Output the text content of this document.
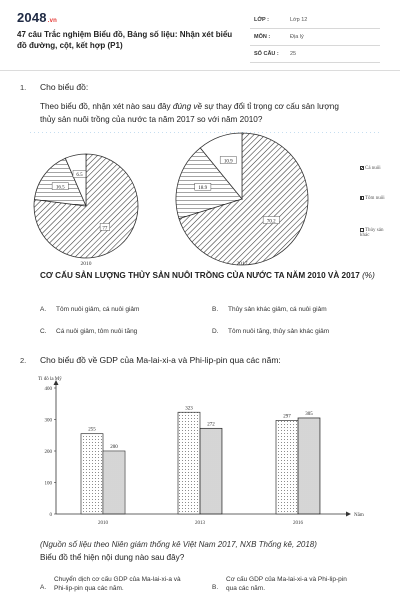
2048.vn
47 câu Trắc nghiệm Biểu đồ, Bảng số liệu: Nhận xét biểu đồ đường, cột, kết hợp (P1)
LỚP :	Lớp 12
MÔN :	Địa lý
SỐ CÂU : 25
1. Cho biểu đồ:
Theo biểu đồ, nhận xét nào sau đây đúng về sự thay đổi tỉ trọng cơ cấu sản lượng
thủy sản nuôi trồng của nước ta năm 2017 so với năm 2010?
77
16.5
6.5
2010
70.2
18.9
10.9
2017
Cá nuôi
Tôm nuôi
Thủy sản khác
CƠ CẤU SẢN LƯỢNG THỦY SẢN NUÔI TRỒNG CỦA NƯỚC TA NĂM 2010 VÀ 2017 (%)
A. Tôm nuôi giảm, cá nuôi giảm	B. Thủy sản khác giảm, cá nuôi giảm
C. Cá nuôi giảm, tôm nuôi tăng	D. Tôm nuôi tăng, thủy sản khác giảm
2. Cho biểu đồ về GDP của Ma-lai-xi-a và Phi-lip-pin qua các năm:
Tỉ đô la Mỹ
Năm
0
100
200
300
400
255
200
2010
323
272
2013
297
305
2016
(Nguồn số liệu theo Niên giám thống kê Việt Nam 2017, NXB Thống kê, 2018)
Biểu đồ thể hiện nội dung nào sau đây?
A.
Chuyển dịch cơ cấu GDP của Ma-lai-xi-a và
Phi-lip-pin qua các năm.	B.
Cơ cấu GDP của Ma-lai-xi-a và Phi-lip-pin
qua các năm.
